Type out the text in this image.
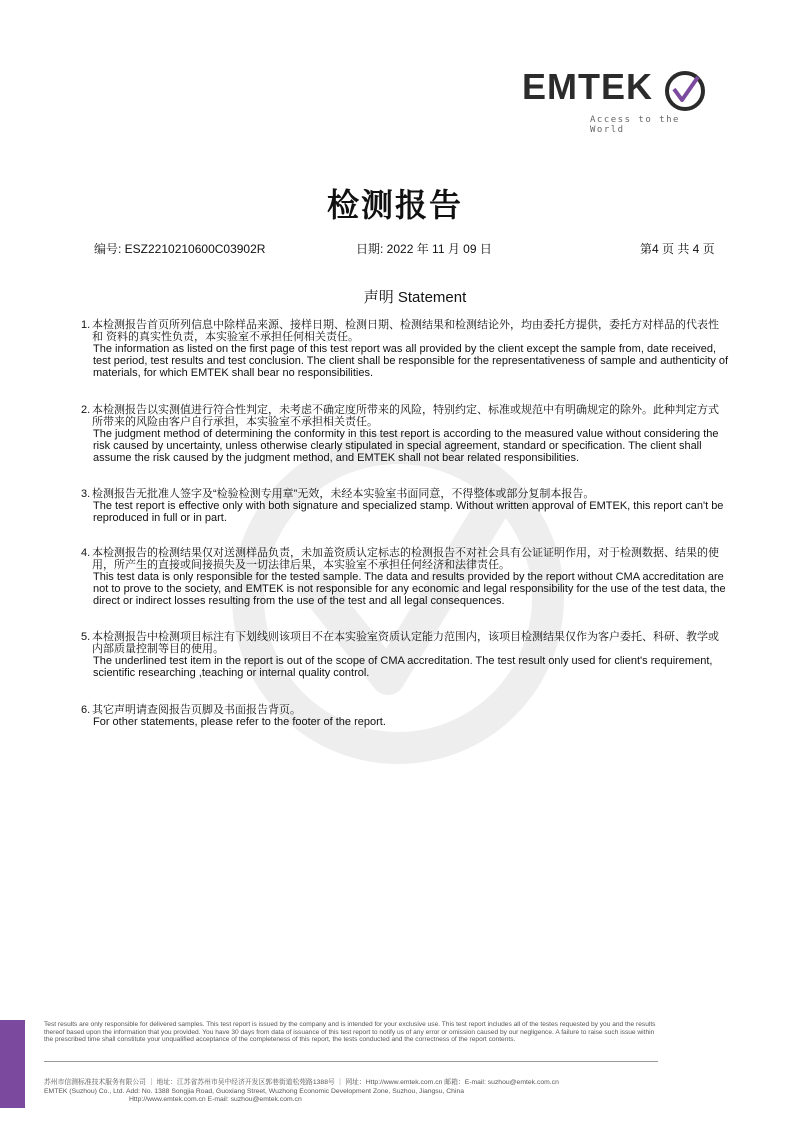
EMTEK
Access to the World
检测报告
编号: ESZ2210210600C03902R	日期: 2022 年 11 月 09 日	第4 页 共 4 页
声明 Statement
1. 本检测报告首页所列信息中除样品来源、接样日期、检测日期、检测结果和检测结论外，均由委托方提供，委托方对样品的代表性
和 资料的真实性负责，本实验室不承担任何相关责任。
The information as listed on the first page of this test report was all provided by the client except the sample from, date received,
test period, test results and test conclusion. The client shall be responsible for the representativeness of sample and authenticity of
materials, for which EMTEK shall bear no responsibilities.
2. 本检测报告以实测值进行符合性判定，未考虑不确定度所带来的风险，特别约定、标准或规范中有明确规定的除外。此种判定方式
所带来的风险由客户自行承担，本实验室不承担相关责任。
The judgment method of determining the conformity in this test report is according to the measured value without considering the
risk caused by uncertainty, unless otherwise clearly stipulated in special agreement, standard or specification. The client shall
assume the risk caused by the judgment method, and EMTEK shall not bear related responsibilities.
3. 检测报告无批准人签字及“检验检测专用章”无效，未经本实验室书面同意，不得整体或部分复制本报告。
The test report is effective only with both signature and specialized stamp. Without written approval of EMTEK, this report can't be
reproduced in full or in part.
4. 本检测报告的检测结果仅对送测样品负责，未加盖资质认定标志的检测报告不对社会具有公证证明作用，对于检测数据、结果的使
用，所产生的直接或间接损失及一切法律后果，本实验室不承担任何经济和法律责任。
This test data is only responsible for the tested sample. The data and results provided by the report without CMA accreditation are
not to prove to the society, and EMTEK is not responsible for any economic and legal responsibility for the use of the test data, the
direct or indirect losses resulting from the use of the test and all legal consequences.
5. 本检测报告中检测项目标注有下划线则该项目不在本实验室资质认定能力范围内，该项目检测结果仅作为客户委托、科研、教学或
内部质量控制等目的使用。
The underlined test item in the report is out of the scope of CMA accreditation. The test result only used for client's requirement,
scientific researching ,teaching or internal quality control.
6. 其它声明请查阅报告页脚及书面报告背页。
For other statements, please refer to the footer of the report.
Test results are only responsible for delivered samples. This test report is issued by the company and is intended for your exclusive use. This test report includes all of the testes requested by you and the results thereof based upon the information that you provided. You have 30 days from data of issuance of this test report to notify us of any error or omission caused by our negligence. A failure to raise such issue within the prescribed time shall constitute your unqualified acceptance of the completeness of this report, the tests conducted and the correctness of the report contents.
苏州市信测标准技术服务有限公司 ｜ 地址：江苏省苏州市吴中经济开发区郭巷街道松苑路1388号 ｜ 网址：Http://www.emtek.com.cn 邮箱：E-mail: suzhou@emtek.com.cn
EMTEK (Suzhou) Co., Ltd. Add: No. 1388 Songjia Road, Guoxiang Street, Wuzhong Economic Development Zone, Suzhou, Jiangsu, China
Http://www.emtek.com.cn E-mail: suzhou@emtek.com.cn
